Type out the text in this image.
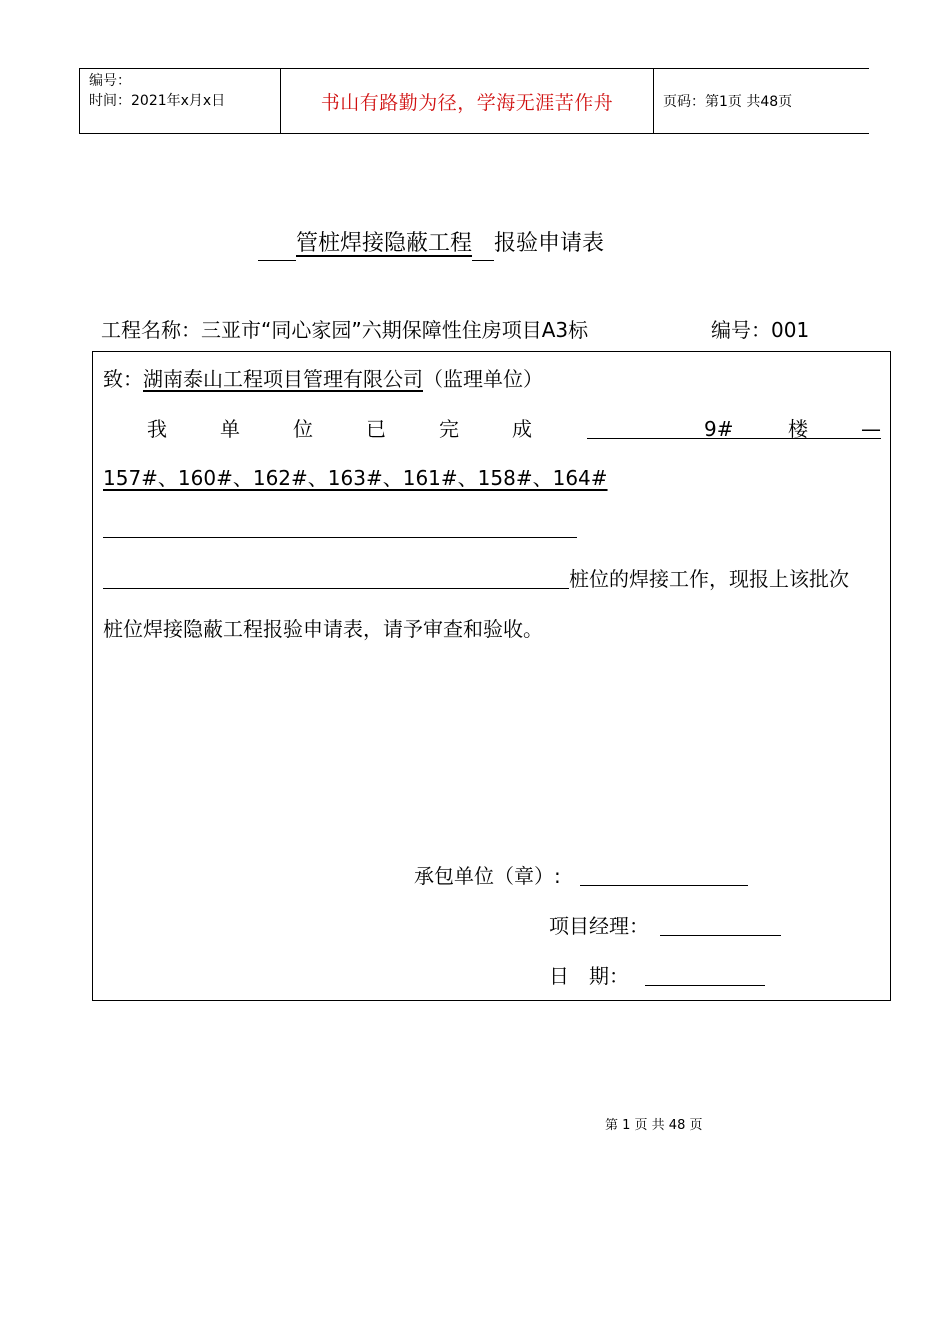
编号：
时间：2021年x月x日	书山有路勤为径，学海无涯苦作舟	页码：第1页 共48页
管桩焊接隐蔽工程 报验申请表
工程名称：三亚市“同心家园”六期保障性住房项目A3标	编号：001
致：湖南泰山工程项目管理有限公司（监理单位）
我	单	位	已	完	成	9#	楼	—
157#、160#、162#、163#、161#、158#、164#
桩位的焊接工作，现报上该批次
桩位焊接隐蔽工程报验申请表，请予审查和验收。
承包单位（章）:
项目经理：
日　期：
第 1 页 共 48 页
